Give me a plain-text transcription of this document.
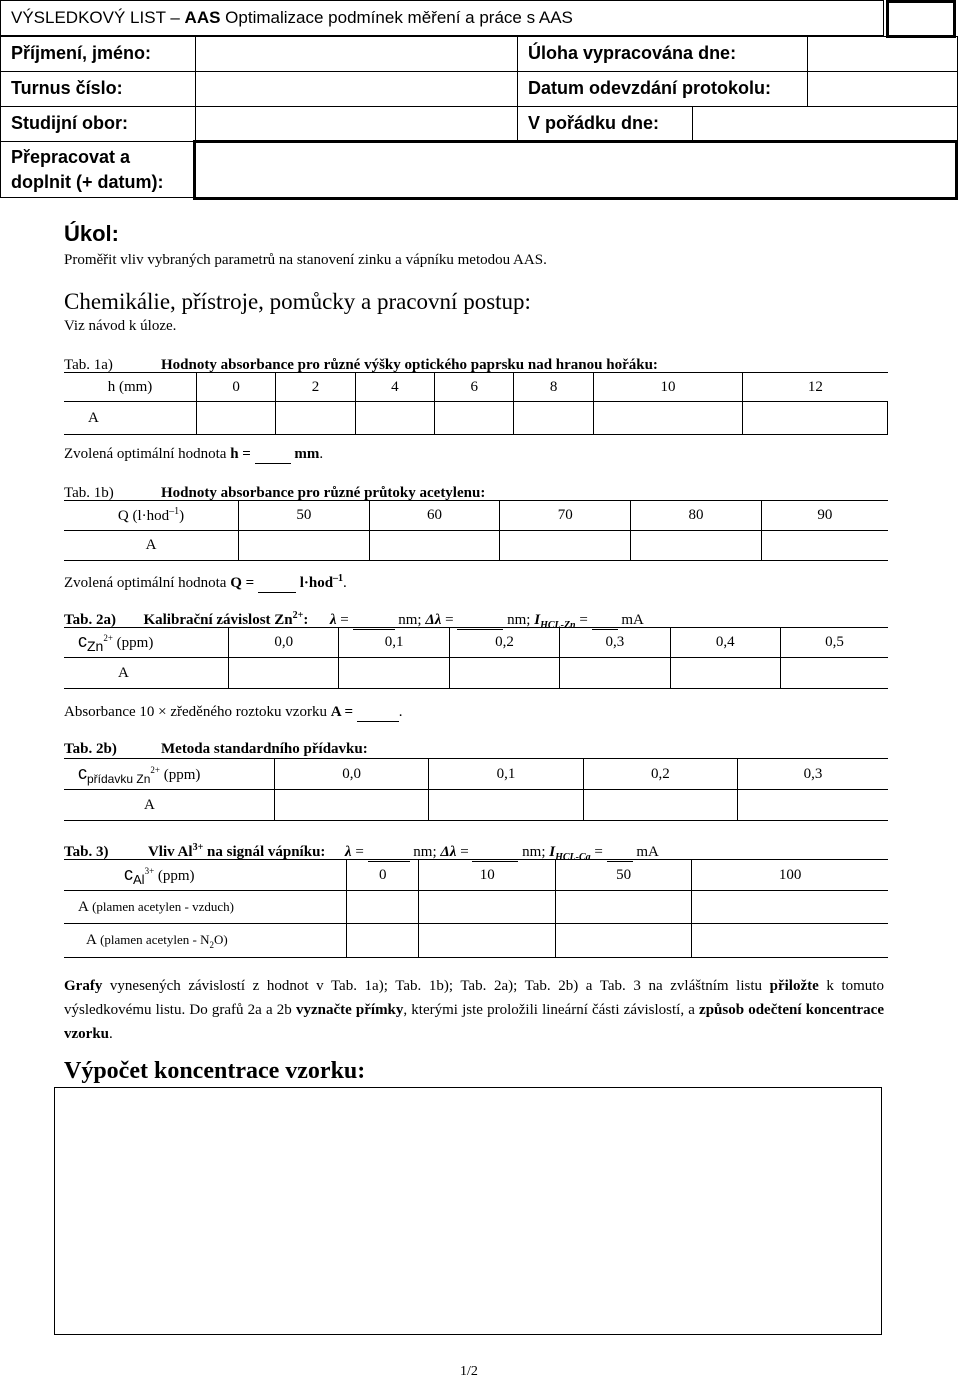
VÝSLEDKOVÝ LIST – AAS Optimalizace podmínek měření a práce s AAS
Příjmení, jméno:	Úloha vypracována dne:
Turnus číslo:	Datum odevzdání protokolu:
Studijní obor:	V pořádku dne:
Přepracovat a
doplnit (+ datum):
Úkol:
Proměřit vliv vybraných parametrů na stanovení zinku a vápníku metodou AAS.
Chemikálie, přístroje, pomůcky a pracovní postup:
Viz návod k úloze.
Tab. 1a)	Hodnoty absorbance pro různé výšky optického paprsku nad hranou hořáku:
h (mm)	0	2	4	6	8	10	12
A							
Zvolená optimální hodnota h =	mm.
Tab. 1b)	Hodnoty absorbance pro různé průtoky acetylenu:
Q (l·hod$^{-1}$)	50	60	70	80	90
A					
Zvolená optimální hodnota Q =	l·hod$^{-1}$.
Tab. 2a) Kalibrační závislost $Zn^{2+}$: λ =	nm; Δλ =	nm; $I_{HCL-Zn}$ =   mA
$c_{Zn}^{2+}$ (ppm)	0,0	0,1	0,2	0,3	0,4	0,5
A						
Absorbance 10 × zředěného roztoku vzorku A =	.
Tab. 2b)	Metoda standardního přídavku:
$c_{přídavku Zn}^{2+}$ (ppm)	0,0	0,1	0,2	0,3
A				
Tab. 3)	Vliv $Al^{3+}$ na signál vápníku: λ =	nm; Δλ =	nm; $I_{HCL-Ca}$ =   mA
$c_{Al}^{3+}$ (ppm)	0	10	50	100
A (plamen acetylen - vzduch)				
A (plamen acetylen - $N_2O$)				
Grafy vynesených závislostí z hodnot v Tab. 1a); Tab. 1b); Tab. 2a); Tab. 2b) a Tab. 3 na zvláštním listu přiložte k tomuto výsledkovému listu. Do grafů 2a a 2b vyznačte přímky, kterými jste proložili lineární části závislostí, a způsob odečtení koncentrace vzorku.
Výpočet koncentrace vzorku:
1/2
